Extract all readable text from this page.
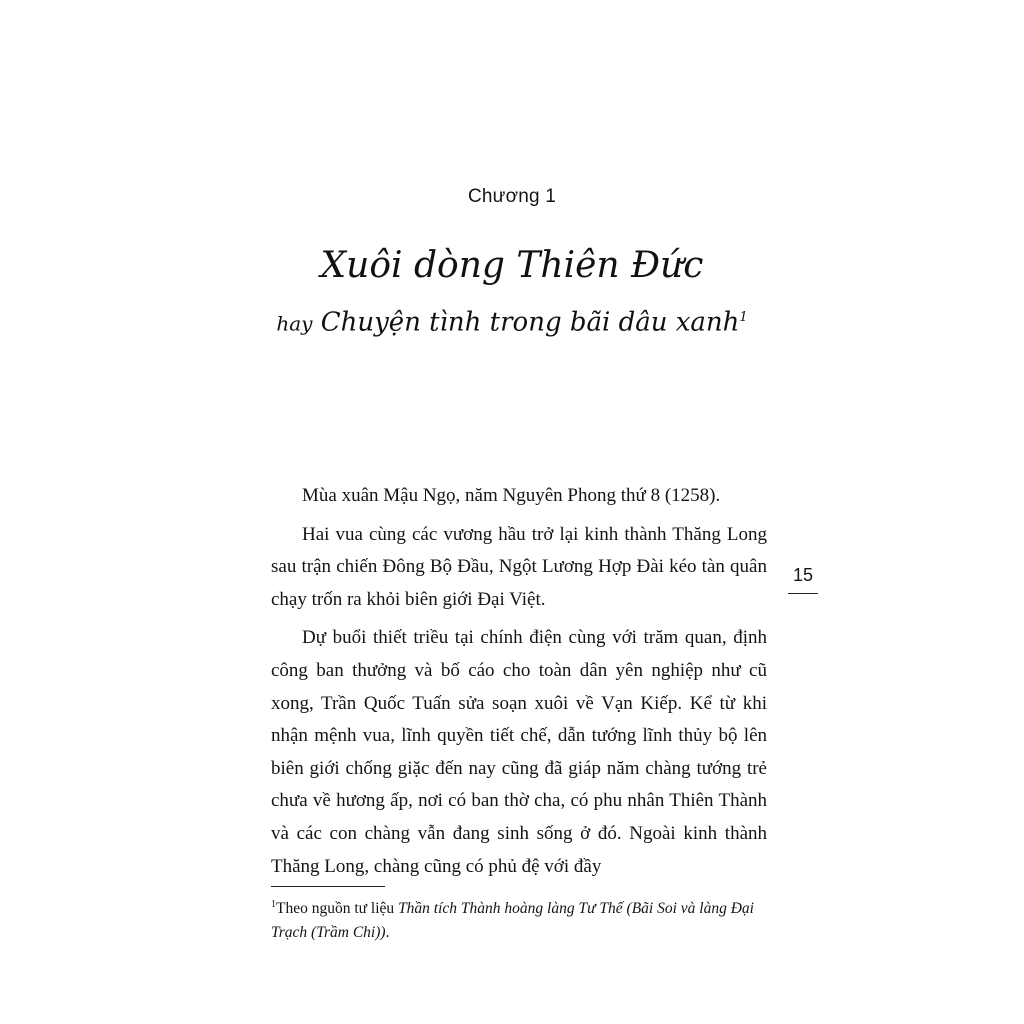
Chương 1
Xuôi dòng Thiên Đức
hay Chuyện tình trong bãi dâu xanh$^1$

Mùa xuân Mậu Ngọ, năm Nguyên Phong thứ 8 (1258).

Hai vua cùng các vương hầu trở lại kinh thành Thăng Long sau trận chiến Đông Bộ Đầu, Ngột Lương Hợp Đài kéo tàn quân chạy trốn ra khỏi biên giới Đại Việt.

Dự buổi thiết triều tại chính điện cùng với trăm quan, định công ban thưởng và bố cáo cho toàn dân yên nghiệp như cũ xong, Trần Quốc Tuấn sửa soạn xuôi về Vạn Kiếp. Kể từ khi nhận mệnh vua, lĩnh quyền tiết chế, dẫn tướng lĩnh thủy bộ lên biên giới chống giặc đến nay cũng đã giáp năm chàng tướng trẻ chưa về hương ấp, nơi có ban thờ cha, có phu nhân Thiên Thành và các con chàng vẫn đang sinh sống ở đó. Ngoài kinh thành Thăng Long, chàng cũng có phủ đệ với đầy

15
$^1$Theo nguồn tư liệu Thần tích Thành hoàng làng Tư Thế (Bãi Soi và làng Đại Trạch (Trầm Chi)).
